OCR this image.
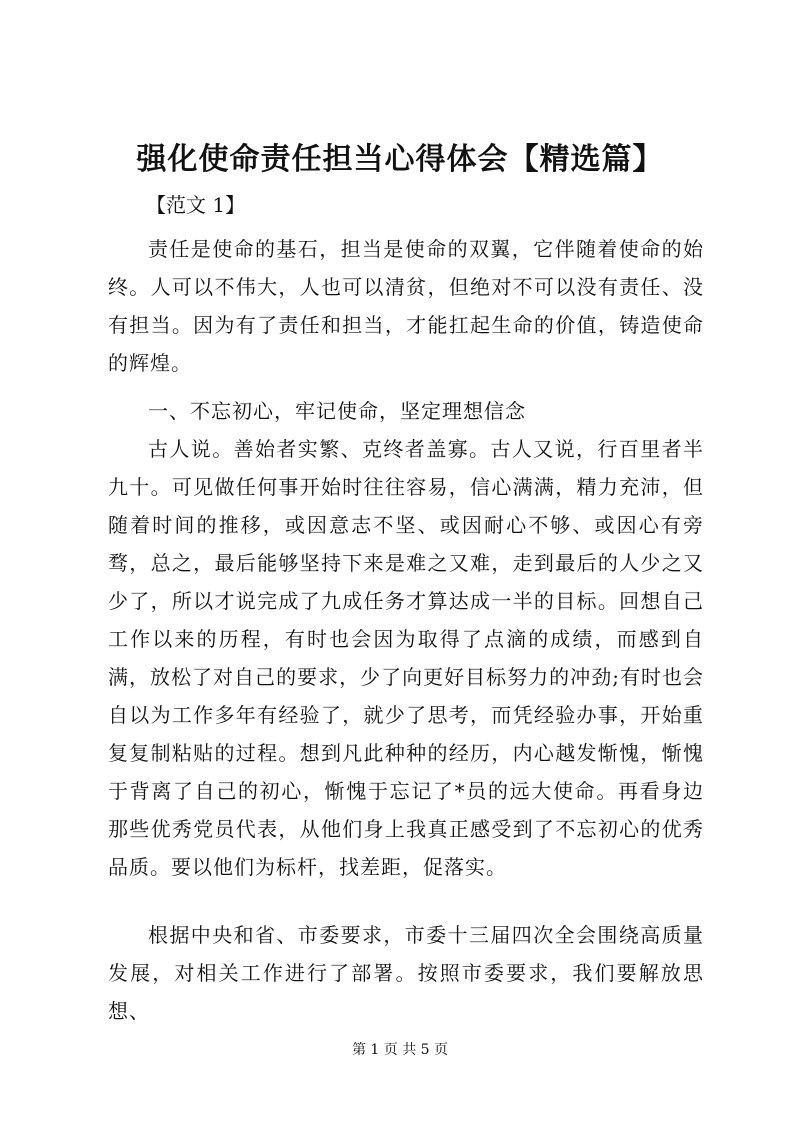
强化使命责任担当心得体会【精选篇】
【范文 1】

责任是使命的基石，担当是使命的双翼，它伴随着使命的始终。人可以不伟大，人也可以清贫，但绝对不可以没有责任、没有担当。因为有了责任和担当，才能扛起生命的价值，铸造使命的辉煌。

一、不忘初心，牢记使命，坚定理想信念

古人说。善始者实繁、克终者盖寡。古人又说，行百里者半九十。可见做任何事开始时往往容易，信心满满，精力充沛，但随着时间的推移，或因意志不坚、或因耐心不够、或因心有旁骛，总之，最后能够坚持下来是难之又难，走到最后的人少之又少了，所以才说完成了九成任务才算达成一半的目标。回想自己工作以来的历程，有时也会因为取得了点滴的成绩，而感到自满，放松了对自己的要求，少了向更好目标努力的冲劲;有时也会自以为工作多年有经验了，就少了思考，而凭经验办事，开始重复复制粘贴的过程。想到凡此种种的经历，内心越发惭愧，惭愧于背离了自己的初心，惭愧于忘记了*员的远大使命。再看身边那些优秀党员代表，从他们身上我真正感受到了不忘初心的优秀品质。要以他们为标杆，找差距，促落实。

根据中央和省、市委要求，市委十三届四次全会围绕高质量发展，对相关工作进行了部署。按照市委要求，我们要解放思想、

第 1 页 共 5 页
